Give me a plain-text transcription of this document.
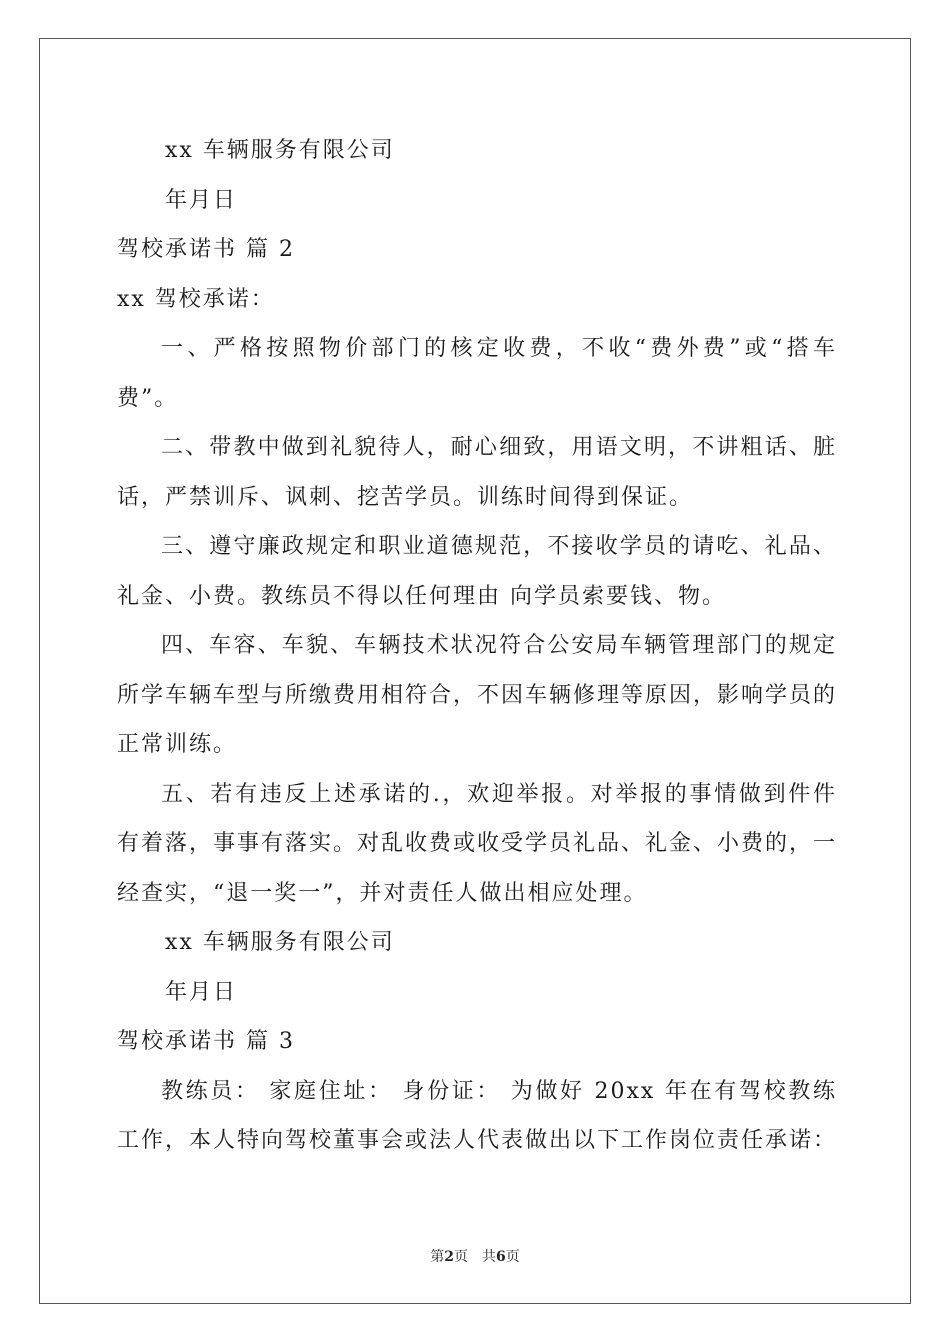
xx 车辆服务有限公司
年月日
驾校承诺书 篇 2
xx 驾校承诺：
一、严格按照物价部门的核定收费，不收“费外费”或“搭车费”。
二、带教中做到礼貌待人，耐心细致，用语文明，不讲粗话、脏话，严禁训斥、讽刺、挖苦学员。训练时间得到保证。
三、遵守廉政规定和职业道德规范，不接收学员的请吃、礼品、礼金、小费。教练员不得以任何理由 向学员索要钱、物。
四、车容、车貌、车辆技术状况符合公安局车辆管理部门的规定所学车辆车型与所缴费用相符合，不因车辆修理等原因，影响学员的正常训练。
五、若有违反上述承诺的.，欢迎举报。对举报的事情做到件件有着落，事事有落实。对乱收费或收受学员礼品、礼金、小费的，一经查实，“退一奖一”，并对责任人做出相应处理。
xx 车辆服务有限公司
年月日
驾校承诺书 篇 3
教练员： 家庭住址： 身份证： 为做好 20xx 年在有驾校教练工作，本人特向驾校董事会或法人代表做出以下工作岗位责任承诺：
第2页 共6页
